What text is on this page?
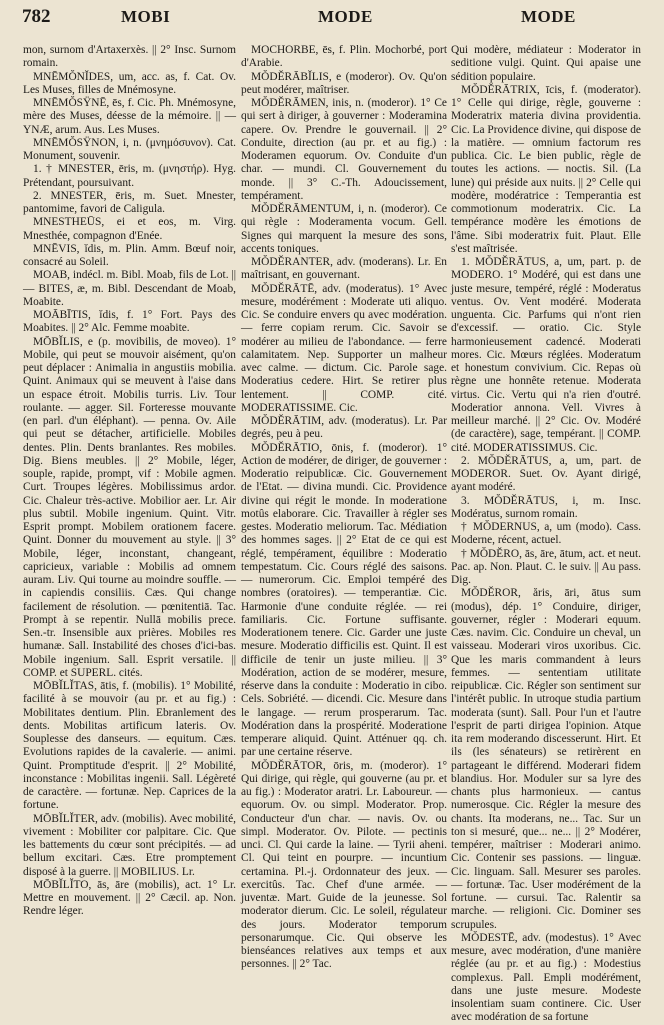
782	MOBI	MODE	MODE

mon, surnom d'Artaxerxès. || 2° Insc. Surnom romain.

MNĒMŎNĬDES, um, acc. as, f. Cat. Ov. Les Muses, filles de Mnémosyne.

MNĒMŎSŸNĒ, ēs, f. Cic. Ph. Mnémosyne, mère des Muses, déesse de la mémoire. || — YNÆ, arum. Aus. Les Muses.

MNĒMŎSŸNON, i, n. (μνημόσυνον). Cat. Monument, souvenir.

1. † MNESTER, ēris, m. (μνηστήρ). Hyg. Prétendant, poursuivant.

2. MNESTER, ēris, m. Suet. Mnester, pantomime, favori de Caligula.

MNESTHEŪS, ei et eos, m. Virg. Mnesthée, compagnon d'Enée.

MNĒVIS, ĭdis, m. Plin. Amm. Bœuf noir, consacré au Soleil.

MOAB, indécl. m. Bibl. Moab, fils de Lot. || — BITES, æ, m. Bibl. Descendant de Moab, Moabite.

MOĀBĪTIS, ĭdis, f. 1° Fort. Pays des Moabites. || 2° Alc. Femme moabite.

MŌBĬLIS, e (p. movibilis, de moveo). 1° Mobile, qui peut se mouvoir aisément, qu'on peut déplacer : Animalia in angustiis mobilia. Quint. Animaux qui se meuvent à l'aise dans un espace étroit. Mobilis turris. Liv. Tour roulante. — agger. Sil. Forteresse mouvante (en parl. d'un éléphant). — penna. Ov. Aile qui peut se détacher, artificielle. Mobiles dentes. Plin. Dents branlantes. Res mobiles. Dig. Biens meubles. || 2° Mobile, léger, souple, rapide, prompt, vif : Mobile agmen. Curt. Troupes légères. Mobilissimus ardor. Cic. Chaleur très-active. Mobilior aer. Lr. Air plus subtil. Mobile ingenium. Quint. Vitr. Esprit prompt. Mobilem orationem facere. Quint. Donner du mouvement au style. || 3° Mobile, léger, inconstant, changeant, capricieux, variable : Mobilis ad omnem auram. Liv. Qui tourne au moindre souffle. — in capiendis consiliis. Cæs. Qui change facilement de résolution. — pœnitentiā. Tac. Prompt à se repentir. Nullā mobilis prece. Sen.-tr. Insensible aux prières. Mobiles res humanæ. Sall. Instabilité des choses d'ici-bas. Mobile ingenium. Sall. Esprit versatile. || COMP. et SUPERL. cités.

MŌBĬLĬTAS, ātis, f. (mobilis). 1° Mobilité, facilité à se mouvoir (au pr. et au fig.) : Mobilitates dentium. Plin. Ebranlement des dents. Mobilitas artificum lateris. Ov. Souplesse des danseurs. — equitum. Cæs. Evolutions rapides de la cavalerie. — animi. Quint. Promptitude d'esprit. || 2° Mobilité, inconstance : Mobilitas ingenii. Sall. Légèreté de caractère. — fortunæ. Nep. Caprices de la fortune.

MŌBĬLĬTER, adv. (mobilis). Avec mobilité, vivement : Mobiliter cor palpitare. Cic. Que les battements du cœur sont précipités. — ad bellum excitari. Cæs. Etre promptement disposé à la guerre. || MOBILIUS. Lr.

MŌBĬLĬTO, ās, āre (mobilis), act. 1° Lr. Mettre en mouvement. || 2° Cæcil. ap. Non. Rendre léger.

MOCHORBE, ēs, f. Plin. Mochorbé, port d'Arabie.

MŎDĔRĀBĬLIS, e (moderor). Ov. Qu'on peut modérer, maîtriser.

MŎDĔRĀMEN, inis, n. (moderor). 1° Ce qui sert à diriger, à gouverner : Moderamina capere. Ov. Prendre le gouvernail. || 2° Conduite, direction (au pr. et au fig.) : Moderamen equorum. Ov. Conduite d'un char. — mundi. Cl. Gouvernement du monde. || 3° C.-Th. Adoucissement, tempérament.

MŎDĔRĀMENTUM, i, n. (moderor). Ce qui règle : Moderamenta vocum. Gell. Signes qui marquent la mesure des sons, accents toniques.

MŎDĔRANTER, adv. (moderans). Lr. En maîtrisant, en gouvernant.

MŎDĔRĀTĒ, adv. (moderatus). 1° Avec mesure, modérément : Moderate uti aliquo. Cic. Se conduire envers qu avec modération. — ferre copiam rerum. Cic. Savoir se modérer au milieu de l'abondance. — ferre calamitatem. Nep. Supporter un malheur avec calme. — dictum. Cic. Parole sage. Moderatius cedere. Hirt. Se retirer plus lentement. || COMP. cité. MODERATISSIME. Cic.

MŎDĔRĀTIM, adv. (moderatus). Lr. Par degrés, peu à peu.

MŎDĔRĀTIO, ōnis, f. (moderor). 1° Action de modérer, de diriger, de gouverner : Moderatio reipublicæ. Cic. Gouvernement de l'Etat. — divina mundi. Cic. Providence divine qui régit le monde. In moderatione motûs elaborare. Cic. Travailler à régler ses gestes. Moderatio meliorum. Tac. Médiation des hommes sages. || 2° Etat de ce qui est réglé, tempérament, équilibre : Moderatio tempestatum. Cic. Cours réglé des saisons. — numerorum. Cic. Emploi tempéré des nombres (oratoires). — temperantiæ. Cic. Harmonie d'une conduite réglée. — rei familiaris. Cic. Fortune suffisante. Moderationem tenere. Cic. Garder une juste mesure. Moderatio difficilis est. Quint. Il est difficile de tenir un juste milieu. || 3° Modération, action de se modérer, mesure, réserve dans la conduite : Moderatio in cibo. Cels. Sobriété. — dicendi. Cic. Mesure dans le langage. — rerum prosperarum. Tac. Modération dans la prospérité. Moderatione temperare aliquid. Quint. Atténuer qq. ch. par une certaine réserve.

MŎDĔRĀTOR, ōris, m. (moderor). 1° Qui dirige, qui règle, qui gouverne (au pr. et au fig.) : Moderator aratri. Lr. Laboureur. — equorum. Ov. ou simpl. Moderator. Prop. Conducteur d'un char. — navis. Ov. ou simpl. Moderator. Ov. Pilote. — pectinis unci. Cl. Qui carde la laine. — Tyrii aheni. Cl. Qui teint en pourpre. — incuntium certamina. Pl.-j. Ordonnateur des jeux. — exercitûs. Tac. Chef d'une armée. — juventæ. Mart. Guide de la jeunesse. Sol moderator dierum. Cic. Le soleil, régulateur des jours. Moderator temporum personarumque. Cic. Qui observe les bienséances relatives aux temps et aux personnes. || 2° Tac.

Qui modère, médiateur : Moderator in seditione vulgi. Quint. Qui apaise une sédition populaire.

MŎDĔRĀTRIX, īcis, f. (moderator). 1° Celle qui dirige, règle, gouverne : Moderatrix materia divina providentia. Cic. La Providence divine, qui dispose de la matière. — omnium factorum res publica. Cic. Le bien public, règle de toutes les actions. — noctis. Sil. (La lune) qui préside aux nuits. || 2° Celle qui modère, modératrice : Temperantia est commotionum moderatrix. Cic. La tempérance modère les émotions de l'âme. Sibi moderatrix fuit. Plaut. Elle s'est maîtrisée.

1. MŎDĔRĀTUS, a, um, part. p. de MODERO. 1° Modéré, qui est dans une juste mesure, tempéré, réglé : Moderatus ventus. Ov. Vent modéré. Moderata unguenta. Cic. Parfums qui n'ont rien d'excessif. — oratio. Cic. Style harmonieusement cadencé. Moderati mores. Cic. Mœurs réglées. Moderatum et honestum convivium. Cic. Repas où règne une honnête retenue. Moderata virtus. Cic. Vertu qui n'a rien d'outré. Moderatior annona. Vell. Vivres à meilleur marché. || 2° Cic. Ov. Modéré (de caractère), sage, tempérant. || COMP. cité. MODERATISSIMUS. Cic.

2. MŎDĔRĀTUS, a, um, part. de MODEROR. Suet. Ov. Ayant dirigé, ayant modéré.

3. MŎDĔRĀTUS, i, m. Insc. Modératus, surnom romain.

† MŎDERNUS, a, um (modo). Cass. Moderne, récent, actuel.

† MŎDĔRO, ās, āre, ātum, act. et neut. Pac. ap. Non. Plaut. C. le suiv. || Au pass. Dig.

MŎDĔROR, ăris, āri, ātus sum (modus), dép. 1° Conduire, diriger, gouverner, régler : Moderari equum. Cæs. navim. Cic. Conduire un cheval, un vaisseau. Moderari viros uxoribus. Cic. Que les maris commandent à leurs femmes. — sententiam utilitate reipublicæ. Cic. Régler son sentiment sur l'intérêt public. In utroque studia partium moderata (sunt). Sall. Pour l'un et l'autre l'esprit de parti dirigea l'opinion. Atque ita rem moderando discesserunt. Hirt. Et ils (les sénateurs) se retirèrent en partageant le différend. Moderari fidem blandius. Hor. Moduler sur sa lyre des chants plus harmonieux. — cantus numerosque. Cic. Régler la mesure des chants. Ita moderans, ne... Tac. Sur un ton si mesuré, que... ne... || 2° Modérer, tempérer, maîtriser : Moderari animo. Cic. Contenir ses passions. — linguæ. Cic. linguam. Sall. Mesurer ses paroles. — fortunæ. Tac. User modérément de la fortune. — cursui. Tac. Ralentir sa marche. — religioni. Cic. Dominer ses scrupules.

MŎDESTĒ, adv. (modestus). 1° Avec mesure, avec modération, d'une manière réglée (au pr. et au fig.) : Modestius complexus. Pall. Empli modérément, dans une juste mesure. Modeste insolentiam suam continere. Cic. User avec modération de sa fortune
